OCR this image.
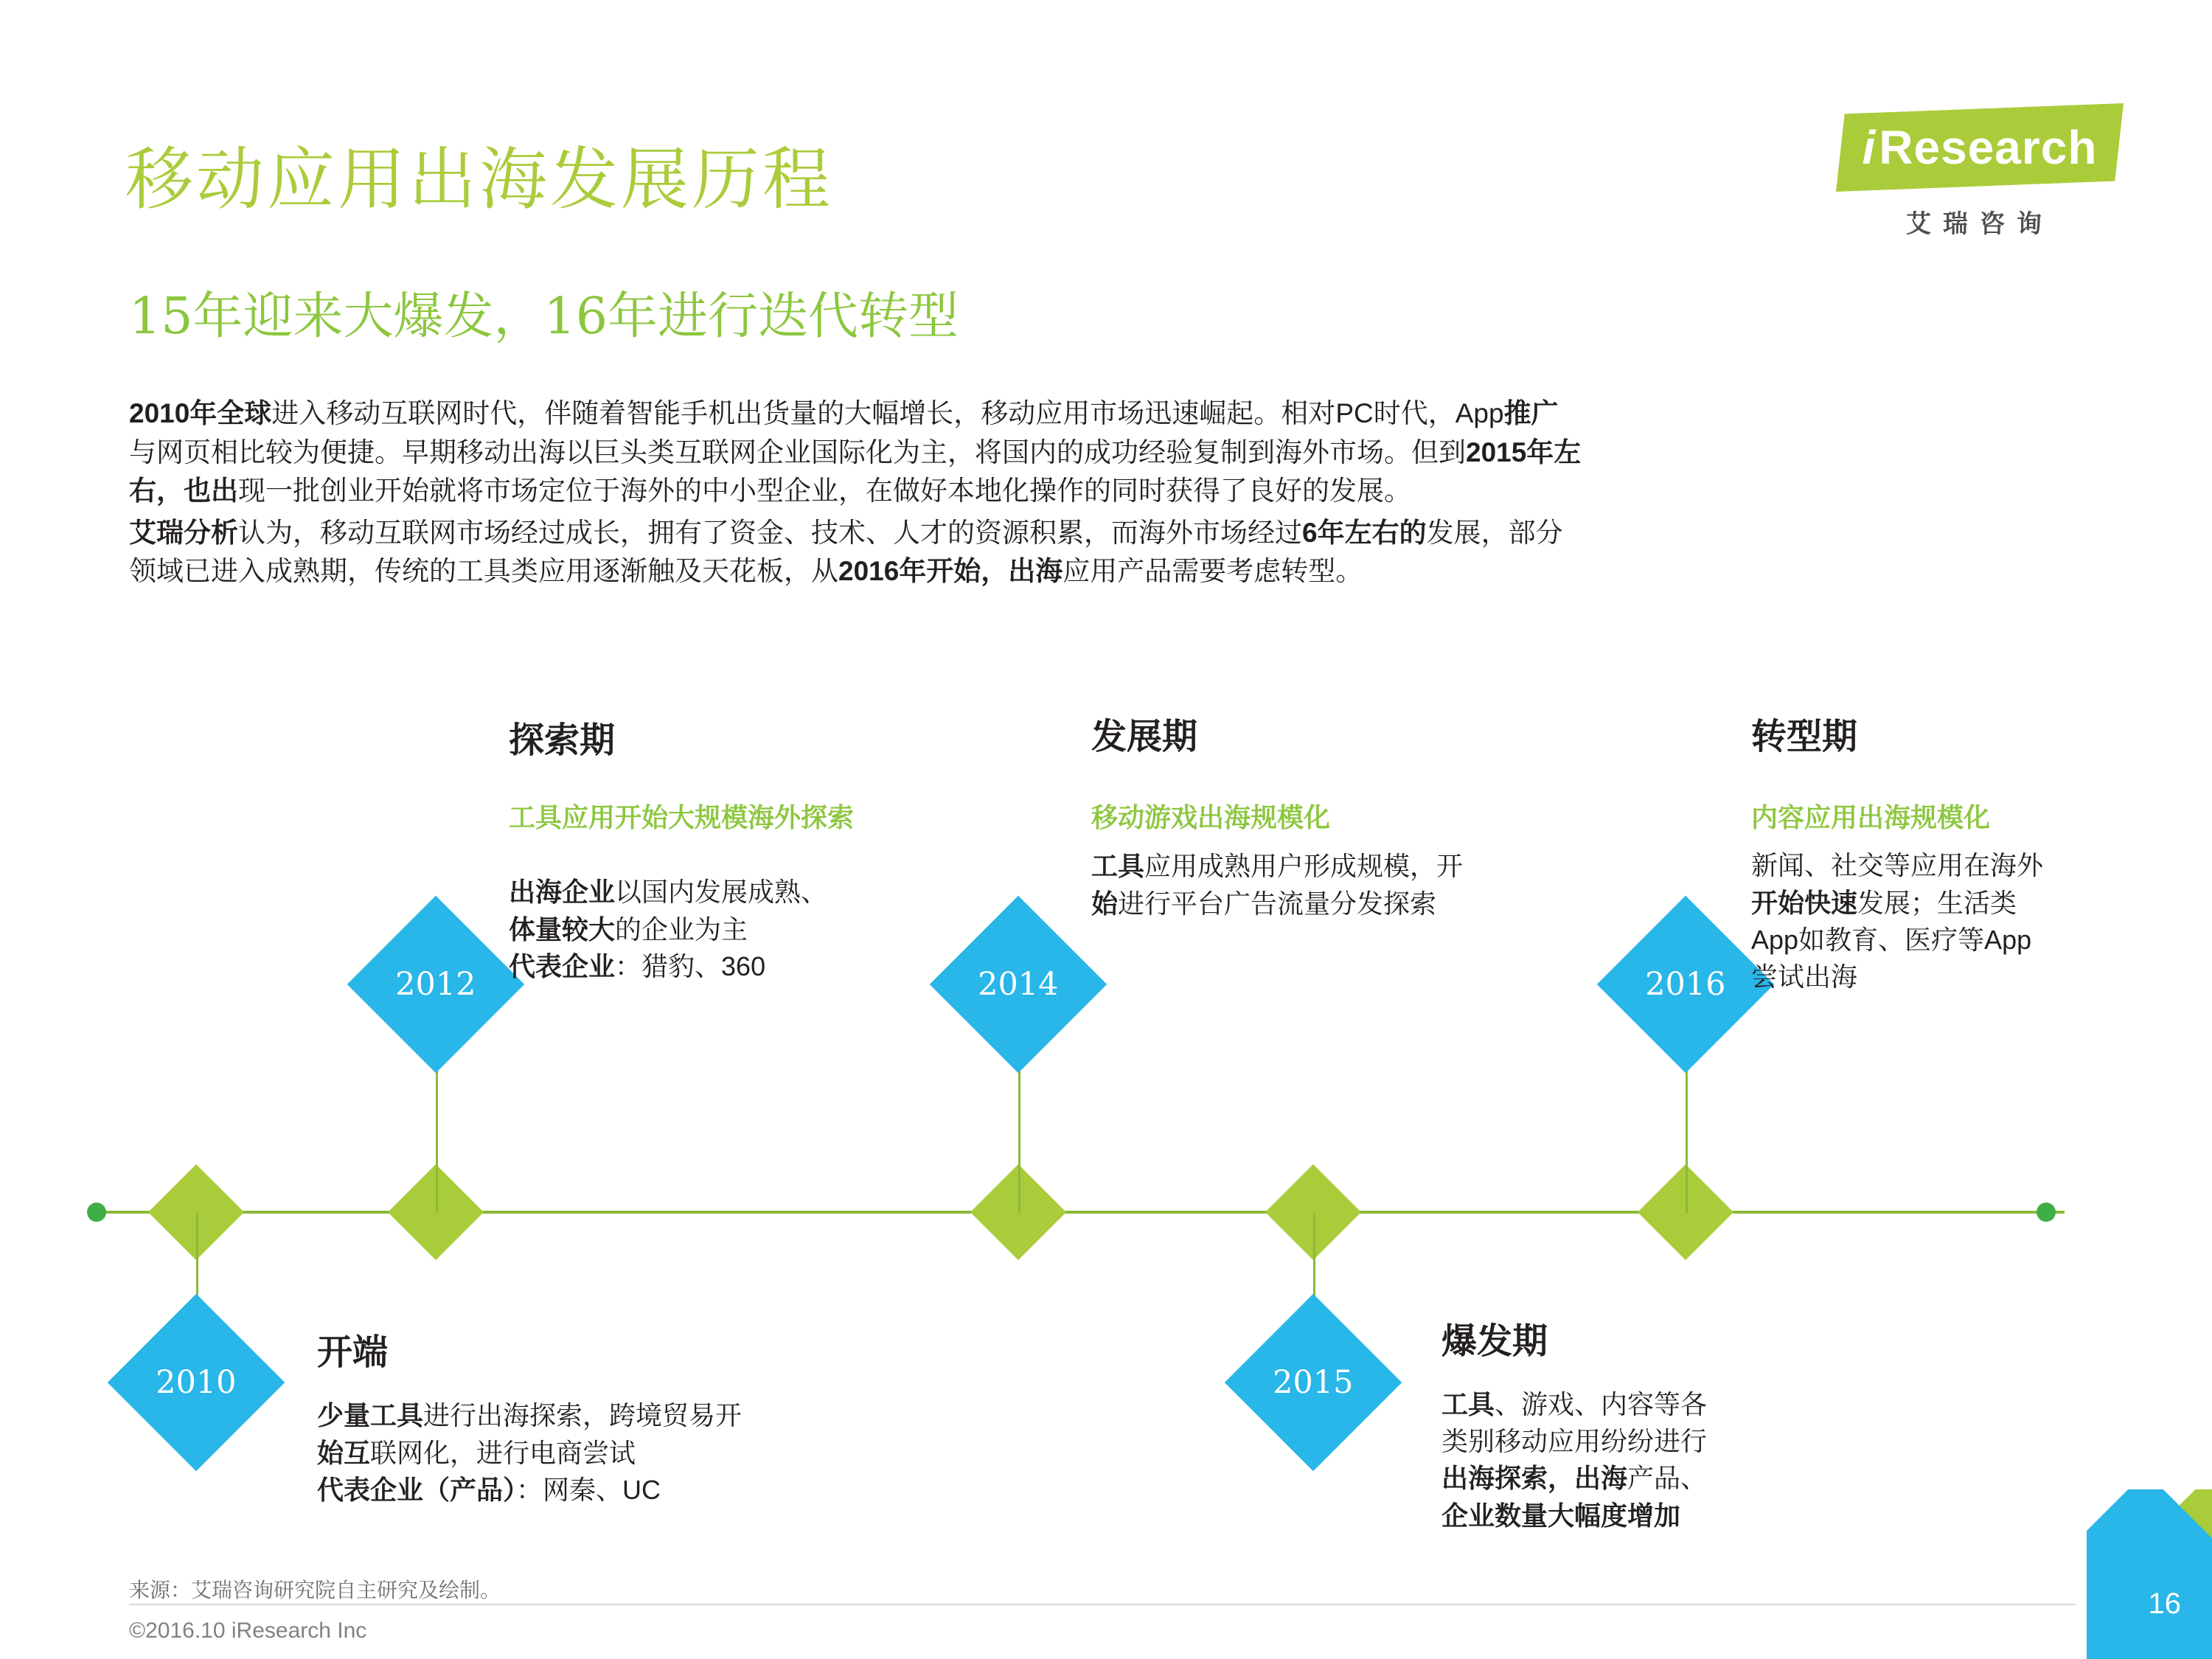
i Research
艾瑞咨询
移动应用出海发展历程
15年迎来大爆发，16年进行迭代转型

2010年全球进入移动互联网时代，伴随着智能手机出货量的大幅增长，移动应用市场迅速崛起。相对PC时代，App推广
与网页相比较为便捷。早期移动出海以巨头类互联网企业国际化为主，将国内的成功经验复制到海外市场。但到2015年左
右，也出现一批创业开始就将市场定位于海外的中小型企业，在做好本地化操作的同时获得了良好的发展。

艾瑞分析认为，移动互联网市场经过成长，拥有了资金、技术、人才的资源积累，而海外市场经过6年左右的发展，部分
领域已进入成熟期，传统的工具类应用逐渐触及天花板，从2016年开始，出海应用产品需要考虑转型。

2010
2012	2014
2015
2016
探索期
工具应用开始大规模海外探索
出海企业以国内发展成熟、
体量较大的企业为主
代表企业：猎豹、360
发展期
移动游戏出海规模化
工具应用成熟用户形成规模，开
始进行平台广告流量分发探索
转型期
内容应用出海规模化
新闻、社交等应用在海外
开始快速发展；生活类
App如教育、医疗等App
尝试出海
开端
少量工具进行出海探索，跨境贸易开
始互联网化，进行电商尝试
代表企业（产品）：网秦、UC
爆发期
工具、游戏、内容等各
类别移动应用纷纷进行
出海探索，出海产品、
企业数量大幅度增加
来源：艾瑞咨询研究院自主研究及绘制。
©2016.10 iResearch Inc
16
